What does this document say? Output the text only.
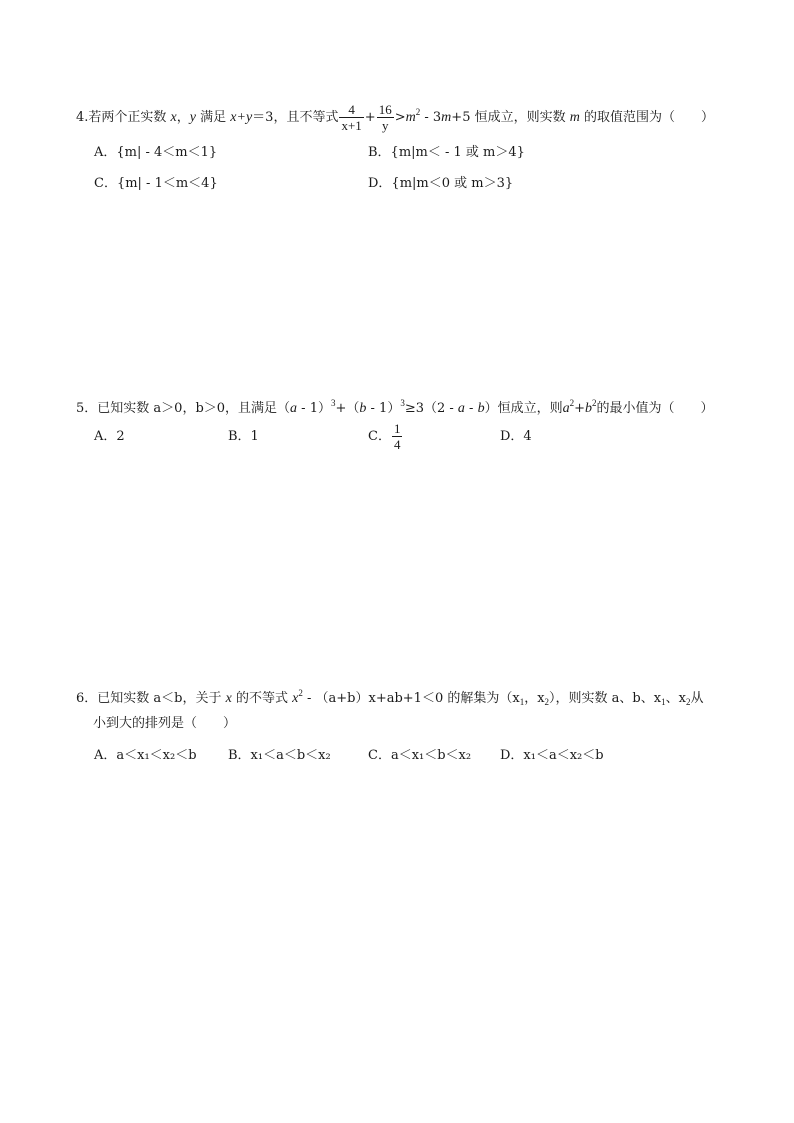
4.若两个正实数 x，y 满足 x+y＝3，且不等式 $\frac{4}{x+1} + \frac{16}{y} >m^2 - 3m+5$ 恒成立，则实数 m 的取值范围为（　　）
A．{m| - 4＜m＜1}	B．{m|m＜ - 1 或 m＞4}
C．{m| - 1＜m＜4}	D．{m|m＜0 或 m＞3}
5．已知实数 a＞0，b＞0，且满足（a - 1）$^3$+（b - 1）$^3$≥3（2 - a - b）恒成立，则$a^2+b^2$的最小值为（　　）
A．2	B．1	C． $\frac{1}{4}$	D．4
6．已知实数 a＜b，关于 x 的不等式 $x^2 - (a+b)x+ab+1<0$ 的解集为（$x_1$，$x_2$），则实数 a、b、$x_1$、$x_2$从
小到大的排列是（　　）
A．a＜x₁＜x₂＜b B．x₁＜a＜b＜x₂	C．a＜x₁＜b＜x₂ D．x₁＜a＜x₂＜b
